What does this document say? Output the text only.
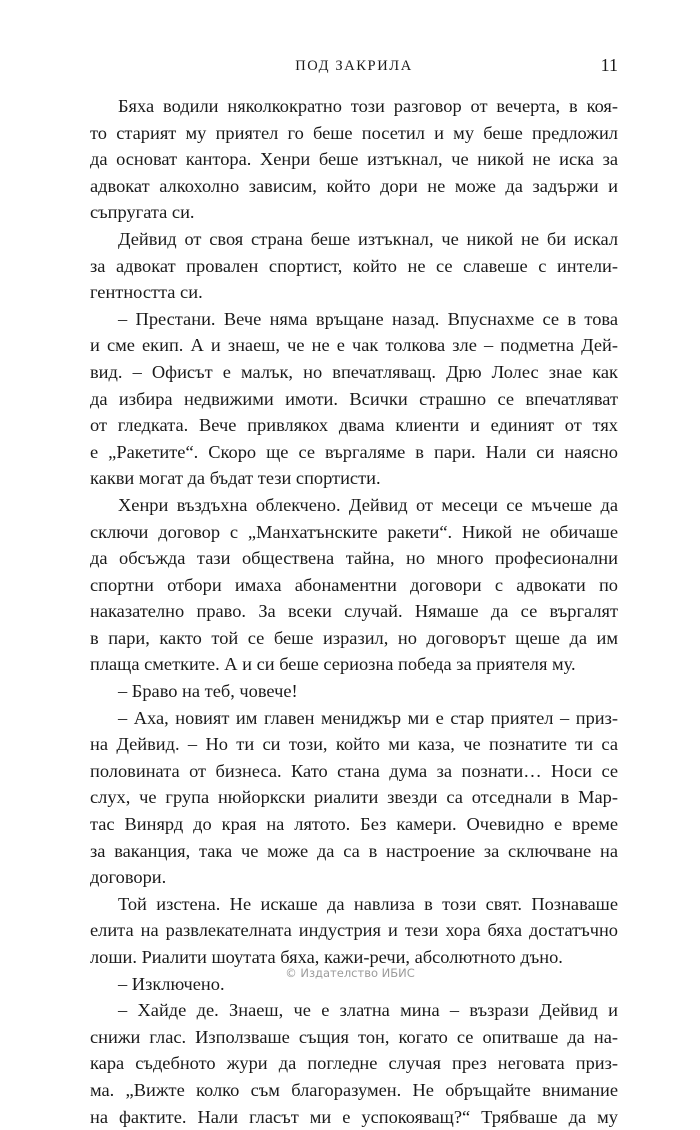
ПОД ЗАКРИЛА	11
Бяха водили няколкократно този разговор от вечерта, в коя-
то старият му приятел го беше посетил и му беше предложил
да основат кантора. Хенри беше изтъкнал, че никой не иска за
адвокат алкохолно зависим, който дори не може да задържи и
съпругата си.
Дейвид от своя страна беше изтъкнал, че никой не би искал
за адвокат провален спортист, който не се славеше с интели-
гентността си.
– Престани. Вече няма връщане назад. Впуснахме се в това
и сме екип. А и знаеш, че не е чак толкова зле – подметна Дей-
вид. – Офисът е малък, но впечатляващ. Дрю Лолес знае как
да избира недвижими имоти. Всички страшно се впечатляват
от гледката. Вече привлякох двама клиенти и единият от тях
е „Ракетите“. Скоро ще се въргаляме в пари. Нали си наясно
какви могат да бъдат тези спортисти.
Хенри въздъхна облекчено. Дейвид от месеци се мъчеше да
сключи договор с „Манхатънските ракети“. Никой не обичаше
да обсъжда тази обществена тайна, но много професионални
спортни отбори имаха абонаментни договори с адвокати по
наказателно право. За всеки случай. Нямаше да се въргалят
в пари, както той се беше изразил, но договорът щеше да им
плаща сметките. А и си беше сериозна победа за приятеля му.
– Браво на теб, човече!
– Аха, новият им главен мениджър ми е стар приятел – приз-
на Дейвид. – Но ти си този, който ми каза, че познатите ти са
половината от бизнеса. Като стана дума за познати… Носи се
слух, че група нюйоркски риалити звезди са отседнали в Мар-
тас Винярд до края на лятото. Без камери. Очевидно е време
за ваканция, така че може да са в настроение за сключване на
договори.
Той изстена. Не искаше да навлиза в този свят. Познаваше
елита на развлекателната индустрия и тези хора бяха достатъчно
лоши. Риалити шоутата бяха, кажи-речи, абсолютното дъно.
– Изключено.
– Хайде де. Знаеш, че е златна мина – възрази Дейвид и
снижи глас. Използваше същия тон, когато се опитваше да на-
кара съдебното жури да погледне случая през неговата приз-
ма. „Вижте колко съм благоразумен. Не обръщайте внимание
на фактите. Нали гласът ми е успокояващ?“ Трябваше да му
© Издателство ИБИС
